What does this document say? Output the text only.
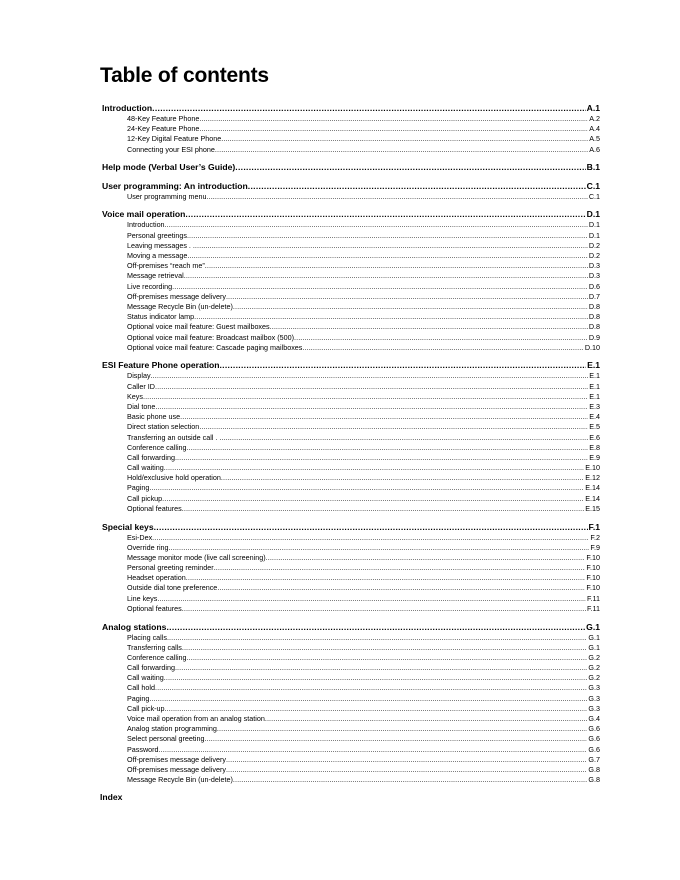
Table of contents
Introduction .....	A.1
48-Key Feature Phone .....	A.2
24-Key Feature Phone .....	A.4
12-Key Digital Feature Phone .....	A.5
Connecting your ESI phone .....	A.6
Help mode (Verbal User’s Guide) .....	B.1
User programming: An introduction .....	C.1
User programming menu .....	C.1
Voice mail operation .....	D.1
Introduction .....	D.1
Personal greetings .....	D.1
Leaving messages . . .....	D.2
Moving a message .....	D.2
Off-premises “reach me” .....	D.3
Message retrieval .....	D.3
Live recording .....	D.6
Off-premises message delivery .....	D.7
Message Recycle Bin (un-delete) .....	D.8
Status indicator lamp .....	D.8
Optional voice mail feature: Guest mailboxes .....	D.8
Optional voice mail feature: Broadcast mailbox (500) .....	D.9
Optional voice mail feature: Cascade paging mailboxes .....	D.10
ESI Feature Phone operation .....	E.1
Display .....	E.1
Caller ID .....	E.1
Keys .....	E.1
Dial tone .....	E.3
Basic phone use .....	E.4
Direct station selection .....	E.5
Transferring an outside call . . .....	E.6
Conference calling .....	E.8
Call forwarding .....	E.9
Call waiting .....	E.10
Hold/exclusive hold operation .....	E.12
Paging .....	E.14
Call pickup .....	E.14
Optional features .....	E.15
Special keys .....	F.1
Esi-Dex .....	F.2
Override ring .....	F.9
Message monitor mode (live call screening) .....	F.10
Personal greeting reminder .....	F.10
Headset operation .....	F.10
Outside dial tone preference .....	F.10
Line keys .....	F.11
Optional features .....	F.11
Analog stations .....	G.1
Placing calls .....	G.1
Transferring calls .....	G.1
Conference calling .....	G.2
Call forwarding .....	G.2
Call waiting .....	G.2
Call hold .....	G.3
Paging .....	G.3
Call pick-up .....	G.3
Voice mail operation from an analog station .....	G.4
Analog station programming .....	G.6
Select personal greeting .....	G.6
Password .....	G.6
Off-premises message delivery .....	G.7
Off-premises message delivery .....	G.8
Message Recycle Bin (un-delete) .....	G.8
Index
